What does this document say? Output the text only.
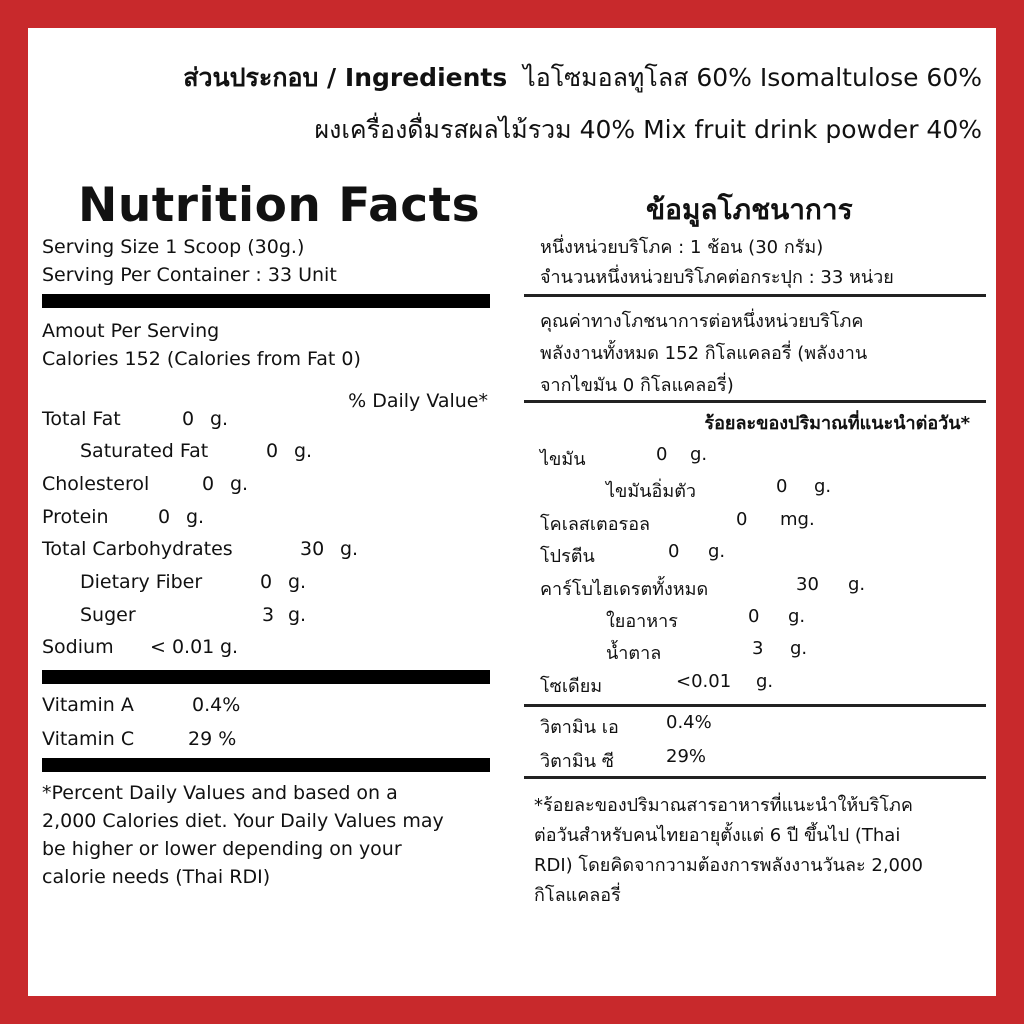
ส่วนประกอบ / Ingredients ไอโซมอลทูโลส 60% Isomaltulose 60%
ผงเครื่องดื่มรสผลไม้รวม 40% Mix fruit drink powder 40%
Nutrition Facts
Serving Size 1 Scoop (30g.)
Serving Per Container : 33 Unit
Amout Per Serving
Calories 152 (Calories from Fat 0)
% Daily Value*
Total Fat	0 g.
Saturated Fat	0 g.
Cholesterol	0 g.
Protein	0 g.
Total Carbohydrates	30 g.
Dietary Fiber	0 g.
Suger	3 g.
Sodium < 0.01 g.
Vitamin A	0.4%
Vitamin C	29 %
*Percent Daily Values and based on a
2,000 Calories diet. Your Daily Values may
be higher or lower depending on your
calorie needs (Thai RDI)
ข้อมูลโภชนาการ
หนึ่งหน่วยบริโภค : 1 ช้อน (30 กรัม)
จำนวนหนึ่งหน่วยบริโภคต่อกระปุก : 33 หน่วย
คุณค่าทางโภชนาการต่อหนึ่งหน่วยบริโภค
พลังงานทั้งหมด 152 กิโลแคลอรี่ (พลังงาน
จากไขมัน 0 กิโลแคลอรี่)
ร้อยละของปริมาณที่แนะนำต่อวัน*
ไขมัน	0 g.
ไขมันอิ่มตัว	0 g.
โคเลสเตอรอล	0 mg.
โปรตีน	0 g.
คาร์โบไฮเดรตทั้งหมด	30 g.
ใยอาหาร	0 g.
น้ำตาล	3 g.
โซเดียม	<0.01 g.
วิตามิน เอ	0.4%
วิตามิน ซี	29%
*ร้อยละของปริมาณสารอาหารที่แนะนำให้บริโภค
ต่อวันสำหรับคนไทยอายุตั้งแต่ 6 ปี ขึ้นไป (Thai
RDI) โดยคิดจากวามต้องการพลังงานวันละ 2,000
กิโลแคลอรี่
